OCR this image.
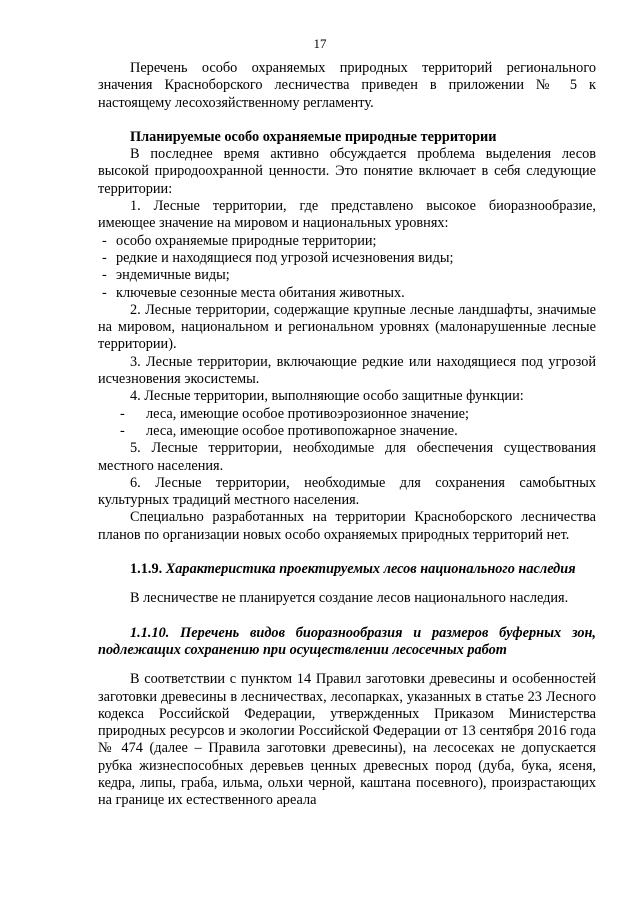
17

Перечень особо охраняемых природных территорий регионального значения Красноборского лесничества приведен в приложении № 5 к настоящему лесохозяйственному регламенту.

Планируемые особо охраняемые природные территории

В последнее время активно обсуждается проблема выделения лесов высокой природоохранной ценности. Это понятие включает в себя следующие территории:

1. Лесные территории, где представлено высокое биоразнообразие, имеющее значение на мировом и национальных уровнях:

- особо охраняемые природные территории;
- редкие и находящиеся под угрозой исчезновения виды;
- эндемичные виды;
- ключевые сезонные места обитания животных.

2. Лесные территории, содержащие крупные лесные ландшафты, значимые на мировом, национальном и региональном уровнях (малонарушенные лесные территории).

3. Лесные территории, включающие редкие или находящиеся под угрозой исчезновения экосистемы.

4. Лесные территории, выполняющие особо защитные функции:

- леса, имеющие особое противоэрозионное значение;
- леса, имеющие особое противопожарное значение.

5. Лесные территории, необходимые для обеспечения существования местного населения.

6. Лесные территории, необходимые для сохранения самобытных культурных традиций местного населения.

Специально разработанных на территории Красноборского лесничества планов по организации новых особо охраняемых природных территорий нет.

1.1.9. Характеристика проектируемых лесов национального наследия

В лесничестве не планируется создание лесов национального наследия.

1.1.10. Перечень видов биоразнообразия и размеров буферных зон, подлежащих сохранению при осуществлении лесосечных работ

В соответствии с пунктом 14 Правил заготовки древесины и особенностей заготовки древесины в лесничествах, лесопарках, указанных в статье 23 Лесного кодекса Российской Федерации, утвержденных Приказом Министерства природных ресурсов и экологии Российской Федерации от 13 сентября 2016 года № 474 (далее – Правила заготовки древесины), на лесосеках не допускается рубка жизнеспособных деревьев ценных древесных пород (дуба, бука, ясеня, кедра, липы, граба, ильма, ольхи черной, каштана посевного), произрастающих на границе их естественного ареала
